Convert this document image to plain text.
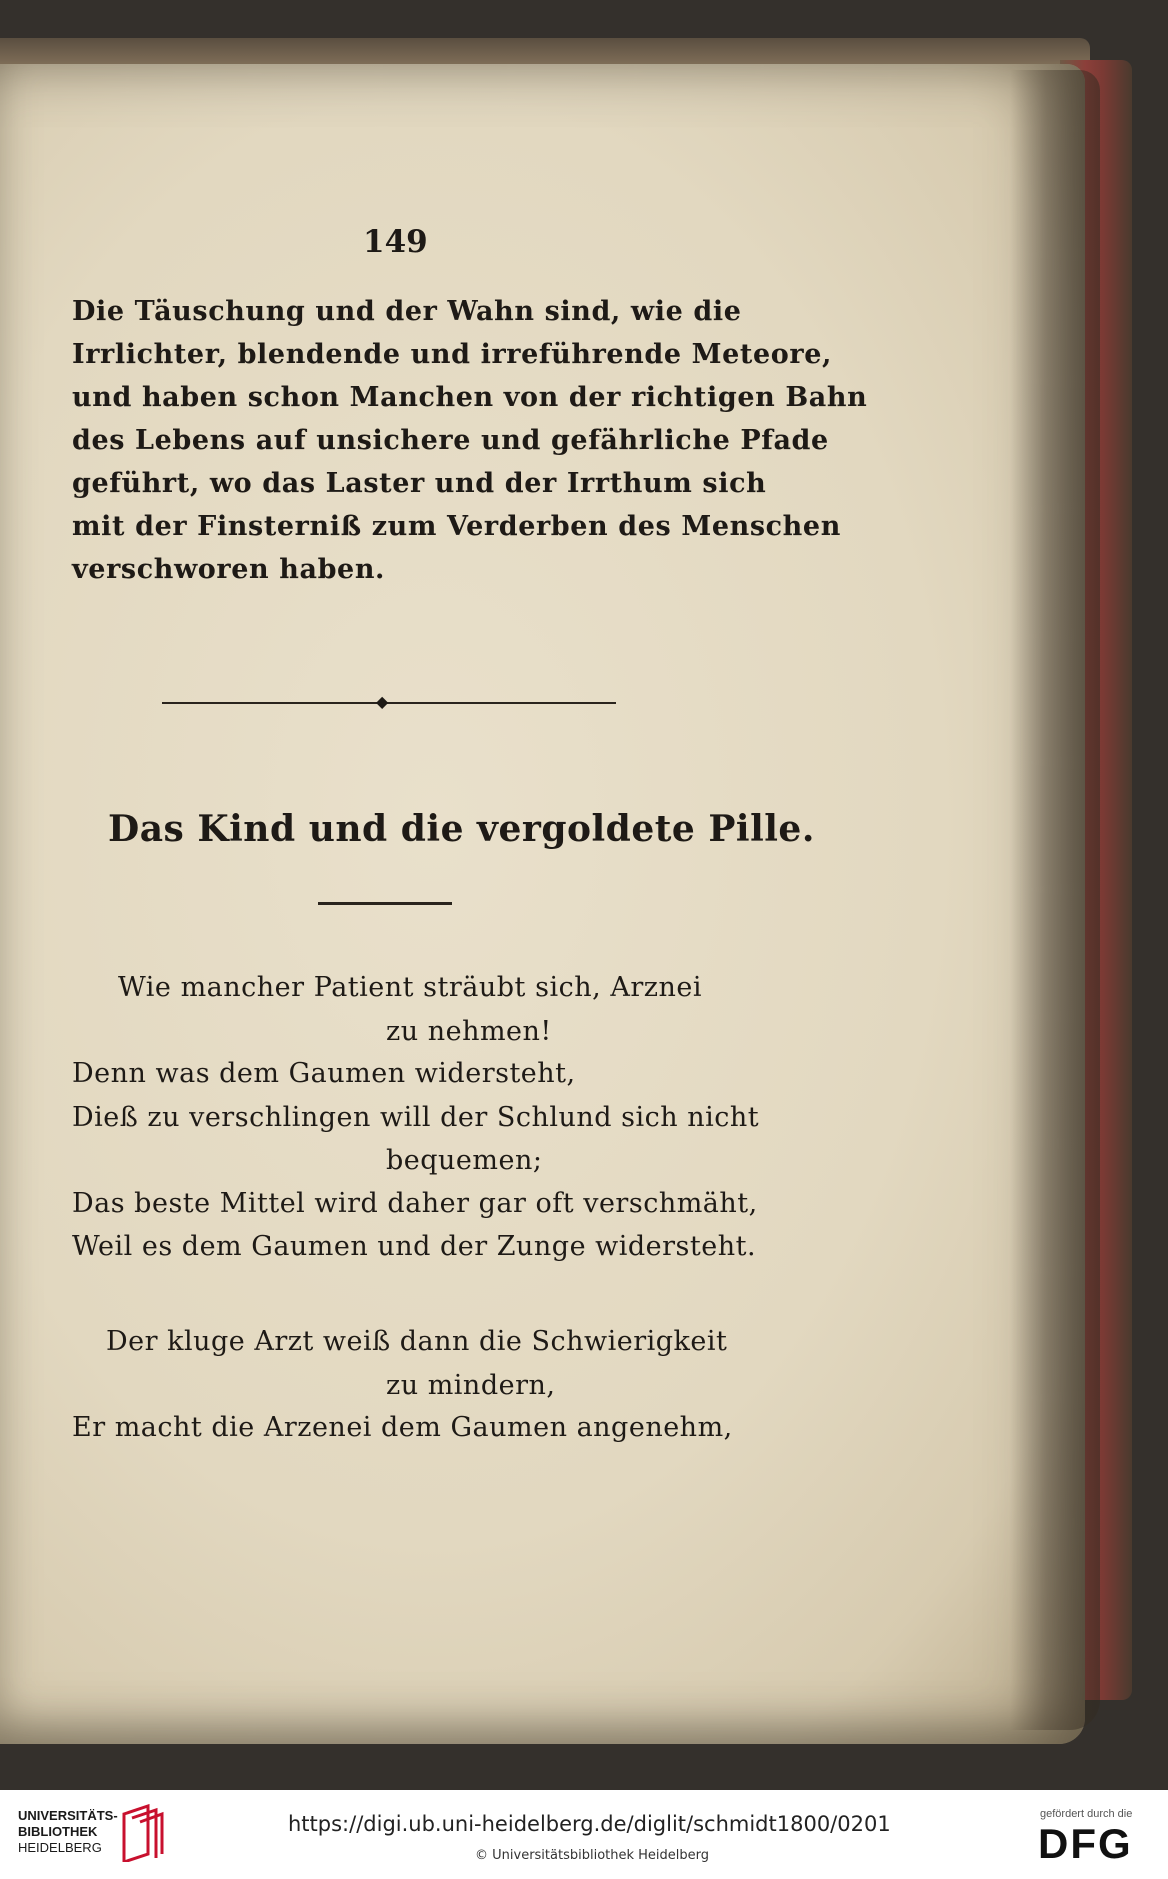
149
Die Täuschung und der Wahn sind, wie die
Irrlichter, blendende und irreführende Meteore,
und haben schon Manchen von der richtigen Bahn
des Lebens auf unsichere und gefährliche Pfade
geführt, wo das Laster und der Irrthum sich
mit der Finsterniß zum Verderben des Menschen
verschworen haben.
◆
Das Kind und die vergoldete Pille.
Wie mancher Patient sträubt sich, Arznei
zu nehmen!
Denn was dem Gaumen widersteht,
Dieß zu verschlingen will der Schlund sich nicht
bequemen;
Das beste Mittel wird daher gar oft verschmäht,
Weil es dem Gaumen und der Zunge widersteht.
Der kluge Arzt weiß dann die Schwierigkeit
zu mindern,
Er macht die Arzenei dem Gaumen angenehm,
UNIVERSITÄTS-
BIBLIOTHEK
HEIDELBERG
https://digi.ub.uni-heidelberg.de/diglit/schmidt1800/0201
© Universitätsbibliothek Heidelberg
gefördert durch die
DFG
